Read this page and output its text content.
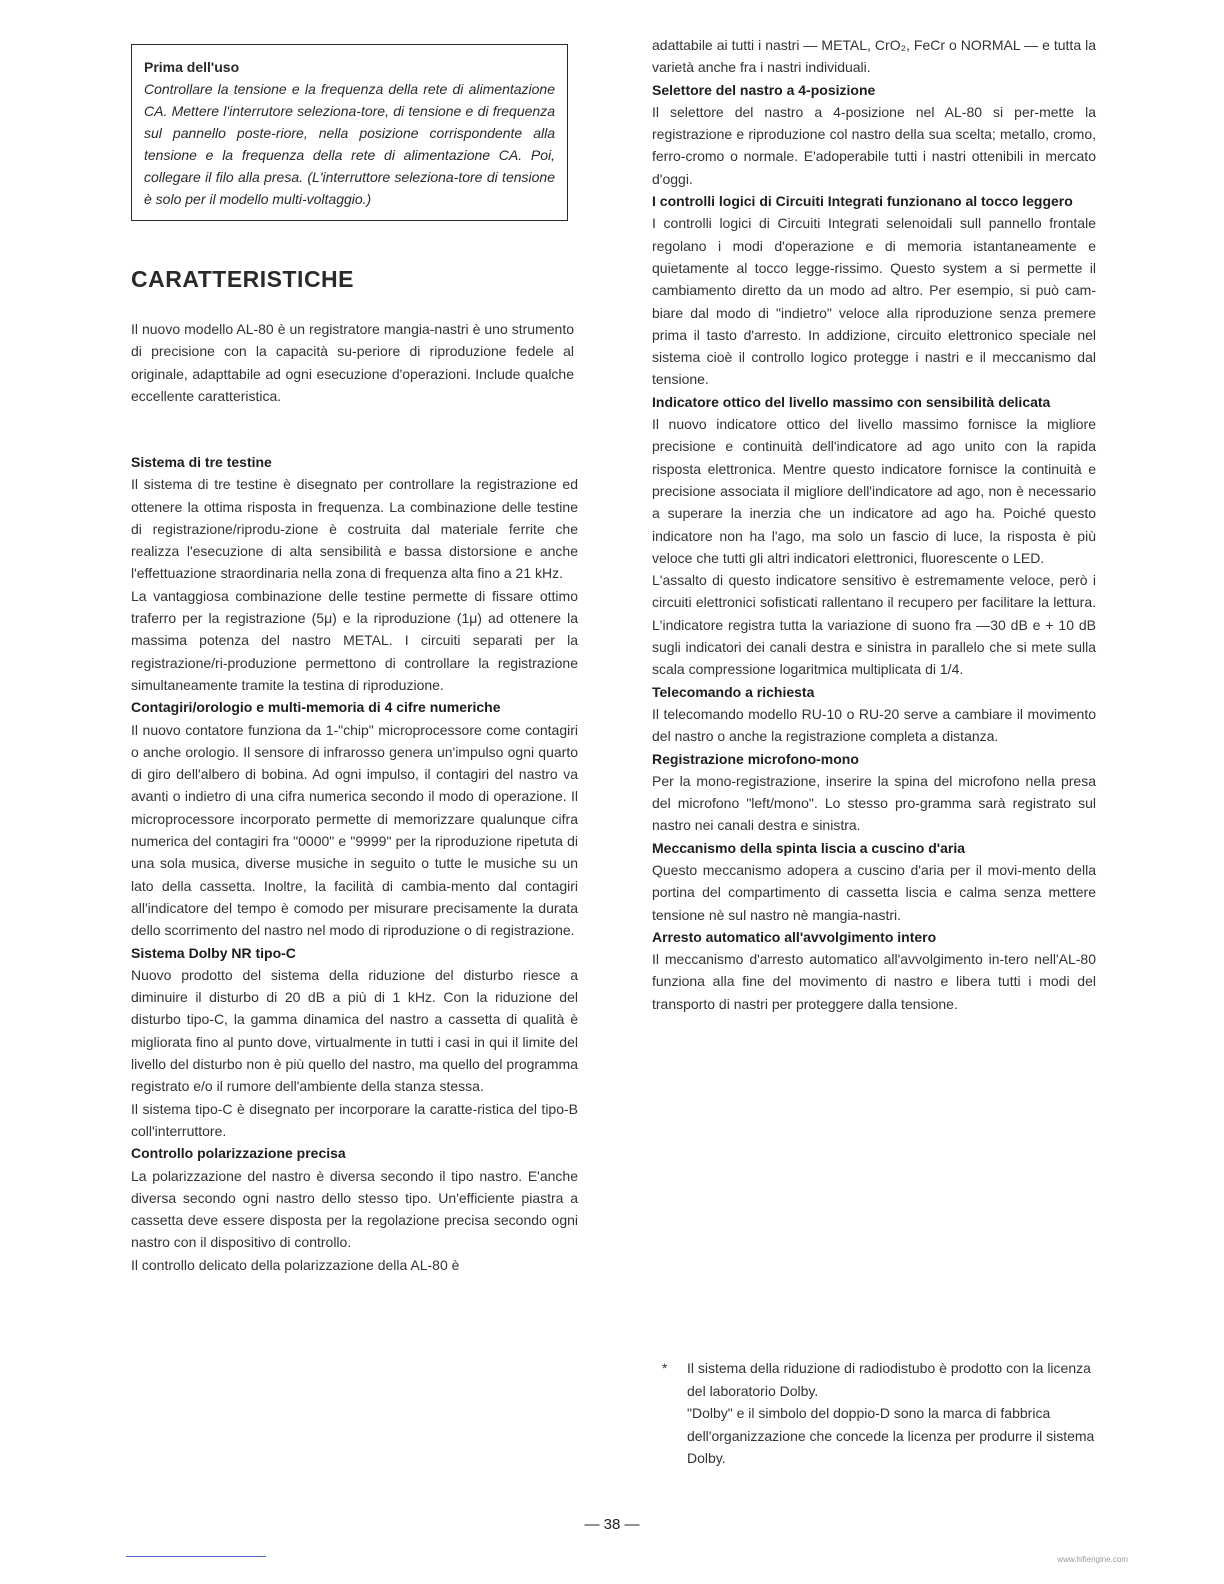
Prima dell'uso

Controllare la tensione e la frequenza della rete di alimentazione CA. Mettere l'interrutore seleziona-tore, di tensione e di frequenza sul pannello poste-riore, nella posizione corrispondente alla tensione e la frequenza della rete di alimentazione CA. Poi, collegare il filo alla presa. (L'interruttore seleziona-tore di tensione è solo per il modello multi-voltaggio.)

CARATTERISTICHE

Il nuovo modello AL-80 è un registratore mangia-nastri è uno strumento di precisione con la capacità su-periore di riproduzione fedele al originale, adapttabile ad ogni esecuzione d'operazioni. Include qualche eccellente caratteristica.

Sistema di tre testine

Il sistema di tre testine è disegnato per controllare la registrazione ed ottenere la ottima risposta in frequenza. La combinazione delle testine di registrazione/riprodu-zione è costruita dal materiale ferrite che realizza l'esecuzione di alta sensibilità e bassa distorsione e anche l'effettuazione straordinaria nella zona di frequenza alta fino a 21 kHz.

La vantaggiosa combinazione delle testine permette di fissare ottimo traferro per la registrazione (5μ) e la riproduzione (1μ) ad ottenere la massima potenza del nastro METAL. I circuiti separati per la registrazione/ri-produzione permettono di controllare la registrazione simultaneamente tramite la testina di riproduzione.

Contagiri/orologio e multi-memoria di 4 cifre numeriche

Il nuovo contatore funziona da 1-"chip" microprocessore come contagiri o anche orologio. Il sensore di infrarosso genera un'impulso ogni quarto di giro dell'albero di bobina. Ad ogni impulso, il contagiri del nastro va avanti o indietro di una cifra numerica secondo il modo di operazione. Il microprocessore incorporato permette di memorizzare qualunque cifra numerica del contagiri fra "0000" e "9999" per la riproduzione ripetuta di una sola musica, diverse musiche in seguito o tutte le musiche su un lato della cassetta. Inoltre, la facilità di cambia-mento dal contagiri all'indicatore del tempo è comodo per misurare precisamente la durata dello scorrimento del nastro nel modo di riproduzione o di registrazione.

Sistema Dolby NR tipo-C

Nuovo prodotto del sistema della riduzione del disturbo riesce a diminuire il disturbo di 20 dB a più di 1 kHz. Con la riduzione del disturbo tipo-C, la gamma dinamica del nastro a cassetta di qualità è migliorata fino al punto dove, virtualmente in tutti i casi in qui il limite del livello del disturbo non è più quello del nastro, ma quello del programma registrato e/o il rumore dell'ambiente della stanza stessa.

Il sistema tipo-C è disegnato per incorporare la caratte-ristica del tipo-B coll'interruttore.

Controllo polarizzazione precisa

La polarizzazione del nastro è diversa secondo il tipo nastro. E'anche diversa secondo ogni nastro dello stesso tipo. Un'efficiente piastra a cassetta deve essere disposta per la regolazione precisa secondo ogni nastro con il dispositivo di controllo.

Il controllo delicato della polarizzazione della AL-80 è

adattabile ai tutti i nastri — METAL, CrO₂, FeCr o NORMAL — e tutta la varietà anche fra i nastri individuali.

Selettore del nastro a 4-posizione

Il selettore del nastro a 4-posizione nel AL-80 si per-mette la registrazione e riproduzione col nastro della sua scelta; metallo, cromo, ferro-cromo o normale. E'adoperabile tutti i nastri ottenibili in mercato d'oggi.

I controlli logici di Circuiti Integrati funzionano al tocco leggero

I controlli logici di Circuiti Integrati selenoidali sull pannello frontale regolano i modi d'operazione e di memoria istantaneamente e quietamente al tocco legge-rissimo. Questo system a si permette il cambiamento diretto da un modo ad altro. Per esempio, si può cam-biare dal modo di "indietro" veloce alla riproduzione senza premere prima il tasto d'arresto. In addizione, circuito elettronico speciale nel sistema cioè il controllo logico protegge i nastri e il meccanismo dal tensione.

Indicatore ottico del livello massimo con sensibilità delicata

Il nuovo indicatore ottico del livello massimo fornisce la migliore precisione e continuità dell'indicatore ad ago unito con la rapida risposta elettronica. Mentre questo indicatore fornisce la continuità e precisione associata il migliore dell'indicatore ad ago, non è necessario a superare la inerzia che un indicatore ad ago ha. Poiché questo indicatore non ha l'ago, ma solo un fascio di luce, la risposta è più veloce che tutti gli altri indicatori elettronici, fluorescente o LED.

L'assalto di questo indicatore sensitivo è estremamente veloce, però i circuiti elettronici sofisticati rallentano il recupero per facilitare la lettura. L'indicatore registra tutta la variazione di suono fra —30 dB e + 10 dB sugli indicatori dei canali destra e sinistra in parallelo che si mete sulla scala compressione logaritmica multiplicata di 1/4.

Telecomando a richiesta

Il telecomando modello RU-10 o RU-20 serve a cambiare il movimento del nastro o anche la registrazione completa a distanza.

Registrazione microfono-mono

Per la mono-registrazione, inserire la spina del microfono nella presa del microfono "left/mono". Lo stesso pro-gramma sarà registrato sul nastro nei canali destra e sinistra.

Meccanismo della spinta liscia a cuscino d'aria

Questo meccanismo adopera a cuscino d'aria per il movi-mento della portina del compartimento di cassetta liscia e calma senza mettere tensione nè sul nastro nè mangia-nastri.

Arresto automatico all'avvolgimento intero

Il meccanismo d'arresto automatico all'avvolgimento in-tero nell'AL-80 funziona alla fine del movimento di nastro e libera tutti i modi del transporto di nastri per proteggere dalla tensione.

* Il sistema della riduzione di radiodistubo è prodotto con la licenza del laboratorio Dolby.
"Dolby" e il simbolo del doppio-D sono la marca di fabbrica dell'organizzazione che concede la licenza per produrre il sistema Dolby.
— 38 —
www.hifiengine.com
